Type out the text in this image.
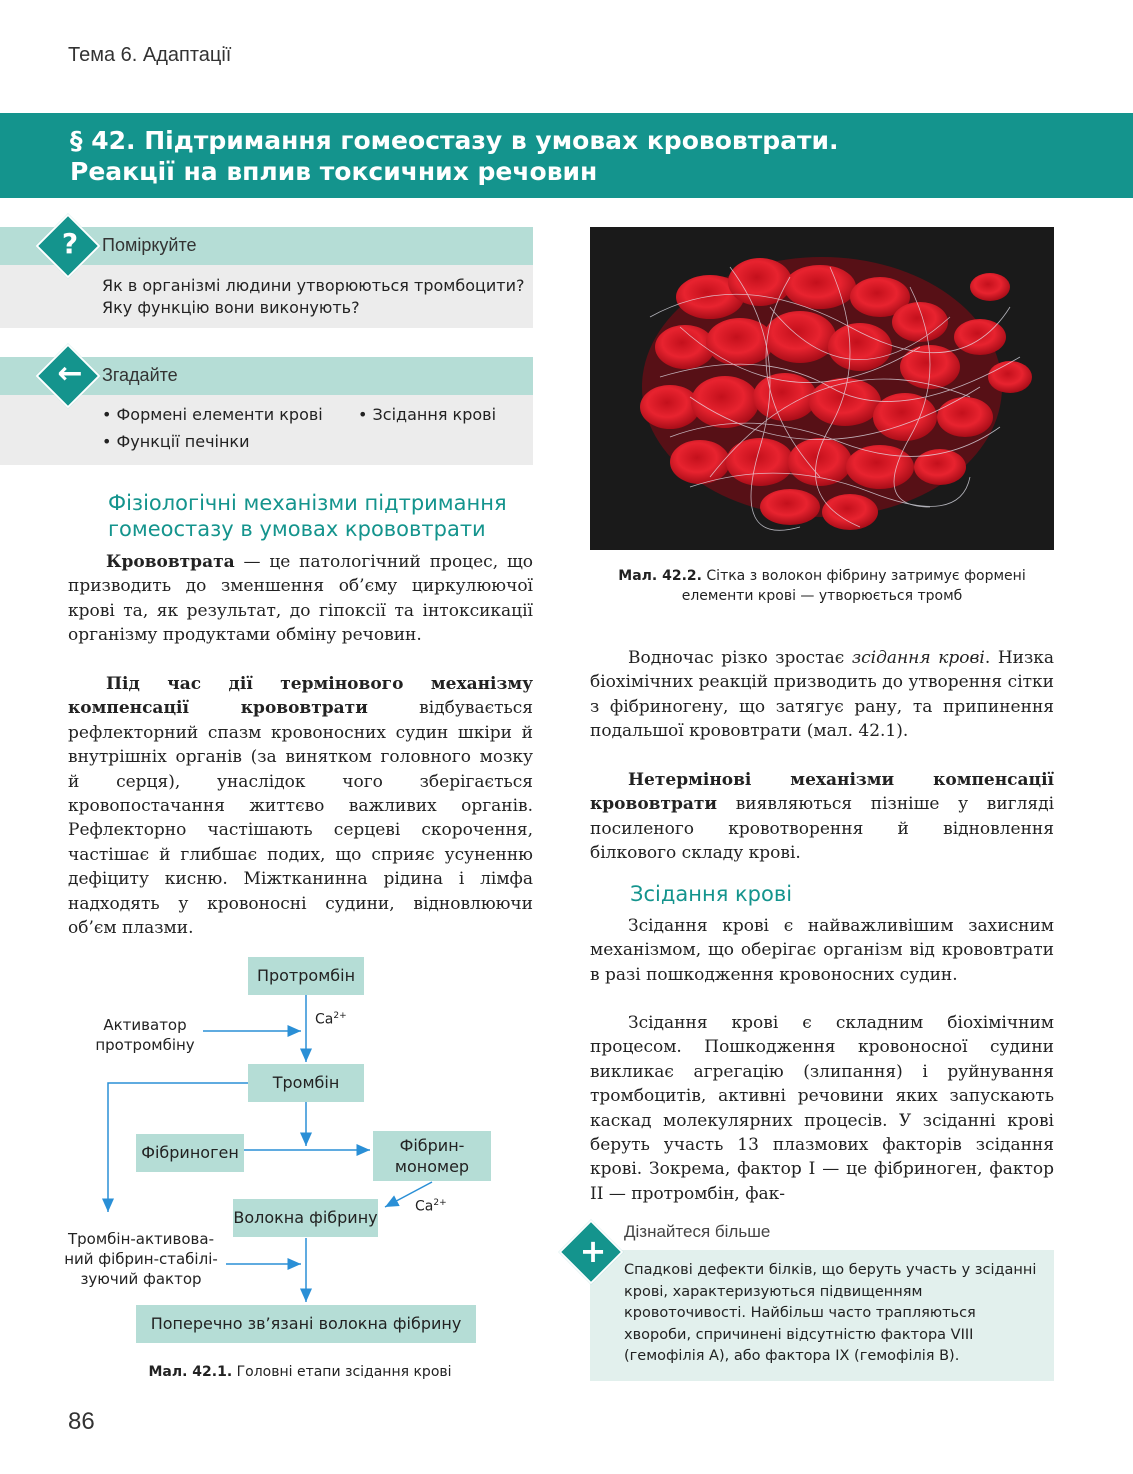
Тема 6. Адаптації
§ 42. Підтримання гомеостазу в умовах крововтрати.
Реакції на вплив токсичних речовин
Поміркуйте
Як в організмі людини утворюються тромбоцити? Яку функцію вони виконують?
?
Згадайте
• Формені елементи крові • Зсідання крові
• Функції печінки
←
Фізіологічні механізми підтримання
гомеостазу в умовах крововтрати
Крововтрата — це патологічний процес, що призводить до зменшення об’єму циркулюючої крові та, як результат, до гіпоксії та інтоксикації організму продуктами обміну речовин.
Під час дії термінового механізму компенсації крововтрати відбувається рефлекторний спазм кровоносних судин шкіри й внутрішніх органів (за винятком головного мозку й серця), унаслідок чого зберігається кровопостачання життєво важливих органів. Рефлекторно частішають серцеві скорочення, частішає й глибшає подих, що сприяє усуненню дефіциту кисню. Міжтканинна рідина і лімфа надходять у кровоносні судини, відновлюючи об’єм плазми.
Протромбін
Активатор
протромбіну
$Ca^{2+}$
Тромбін
Фібриноген	Фібрин-
мономер
$Ca^{2+}$
Волокна фібрину
Тромбін-активова-
ний фібрин-стабілі-
зуючий фактор
Поперечно зв’язані волокна фібрину
Мал. 42.1. Головні етапи зсідання крові
Мал. 42.2. Сітка з волокон фібрину затримує формені
елементи крові — утворюється тромб
Водночас різко зростає зсідання крові. Низка біохімічних реакцій призводить до утворення сітки з фібриногену, що затягує рану, та припинення подальшої крововтрати (мал. 42.1).
Нетермінові механізми компенсації крововтрати виявляються пізніше у вигляді посиленого кровотворення й відновлення білкового складу крові.
Зсідання крові
Зсідання крові є найважливішим захисним механізмом, що оберігає організм від крововтрати в разі пошкодження кровоносних судин.
Зсідання крові є складним біохімічним процесом. Пошкодження кровоносної судини викликає агрегацію (злипання) і руйнування тромбоцитів, активні речовини яких запускають каскад молекулярних процесів. У зсіданні крові беруть участь 13 плазмових факторів зсідання крові. Зокрема, фактор I — це фібриноген, фактор II — протромбін, фак-
Дізнайтеся більше
Спадкові дефекти білків, що беруть участь у зсіданні крові, характеризуються підвищенням кровоточивості. Найбільш часто трапляються хвороби, спричинені відсутністю фактора VIII (гемофілія A), або фактора IX (гемофілія B).
+
86
